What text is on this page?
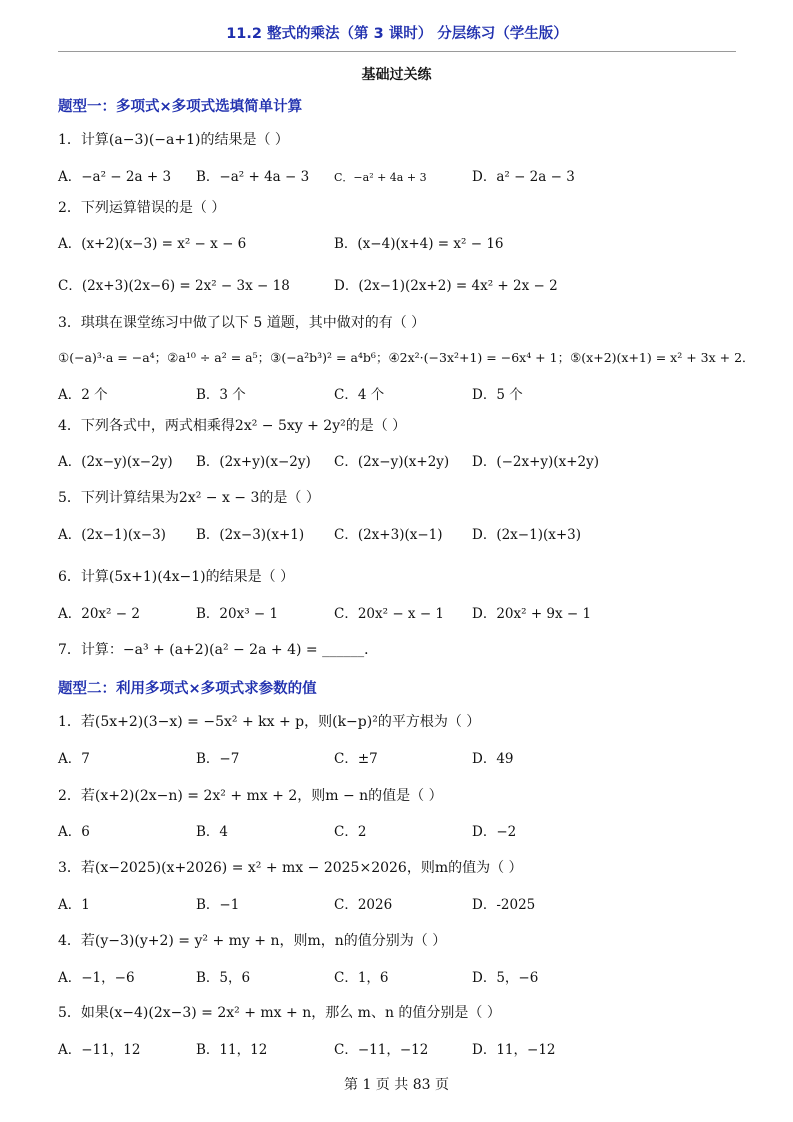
11.2 整式的乘法（第 3 课时） 分层练习（学生版）
基础过关练
题型一：多项式×多项式选填简单计算
1．计算(a−3)(−a+1)的结果是（ ）
A．−a² − 2a + 3 B．−a² + 4a − 3 C．−a² + 4a + 3	D．a² − 2a − 3
2．下列运算错误的是（ ）
A．(x+2)(x−3) = x² − x − 6	B．(x−4)(x+4) = x² − 16
C．(2x+3)(2x−6) = 2x² − 3x − 18	D．(2x−1)(2x+2) = 4x² + 2x − 2
3．琪琪在课堂练习中做了以下 5 道题，其中做对的有（ ）
①(−a)³·a = −a⁴；②a¹⁰ ÷ a² = a⁵；③(−a²b³)² = a⁴b⁶；④2x²·(−3x²+1) = −6x⁴ + 1；⑤(x+2)(x+1) = x² + 3x + 2．
A．2 个	B．3 个	C．4 个	D．5 个
4．下列各式中，两式相乘得2x² − 5xy + 2y²的是（ ）
A．(2x−y)(x−2y) B．(2x+y)(x−2y) C．(2x−y)(x+2y) D．(−2x+y)(x+2y)
5．下列计算结果为2x² − x − 3的是（ ）
A．(2x−1)(x−3) B．(2x−3)(x+1) C．(2x+3)(x−1) D．(2x−1)(x+3)
6．计算(5x+1)(4x−1)的结果是（ ）
A．20x² − 2	B．20x³ − 1	C．20x² − x − 1 D．20x² + 9x − 1
7．计算：−a³ + (a+2)(a² − 2a + 4) = ______．
题型二：利用多项式×多项式求参数的值
1．若(5x+2)(3−x) = −5x² + kx + p，则(k−p)²的平方根为（ ）
A．7	B．−7	C．±7	D．49
2．若(x+2)(2x−n) = 2x² + mx + 2，则m − n的值是（ ）
A．6	B．4	C．2	D．−2
3．若(x−2025)(x+2026) = x² + mx − 2025×2026，则m的值为（ ）
A．1	B．−1	C．2026	D．-2025
4．若(y−3)(y+2) = y² + my + n，则m，n的值分别为（ ）
A．−1，−6	B．5，6	C．1，6	D．5，−6
5．如果(x−4)(2x−3) = 2x² + mx + n，那么 m、n 的值分别是（ ）
A．−11，12	B．11，12	C．−11，−12	D．11，−12
第 1 页 共 83 页
